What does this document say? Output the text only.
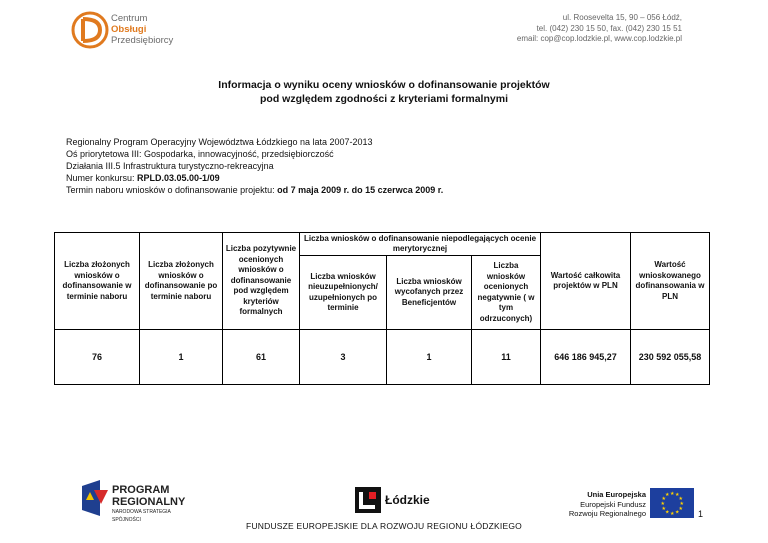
Centrum
Obsługi
Przedsiębiorcy
ul. Roosevelta 15, 90 – 056 Łódź,
tel. (042) 230 15 50, fax. (042) 230 15 51
email: cop@cop.lodzkie.pl, www.cop.lodzkie.pl
Informacja o wyniku oceny wniosków o dofinansowanie projektów
pod względem zgodności z kryteriami formalnymi
Regionalny Program Operacyjny Województwa Łódzkiego na lata 2007-2013
Oś priorytetowa III: Gospodarka, innowacyjność, przedsiębiorczość
Działania III.5 Infrastruktura turystyczno-rekreacyjna
Numer konkursu: RPLD.03.05.00-1/09
Termin naboru wniosków o dofinansowanie projektu: od 7 maja 2009 r. do 15 czerwca 2009 r.
Liczba złożonych wniosków o dofinansowanie w terminie naboru	Liczba złożonych wniosków o dofinansowanie po terminie naboru	Liczba pozytywnie ocenionych wniosków o dofinansowanie pod względem kryteriów formalnych	Liczba wniosków o dofinansowanie niepodlegających ocenie merytorycznej			Wartość całkowita projektów w PLN	Wartość wnioskowanego dofinansowania w PLN
			Liczba wniosków nieuzupełnionych/ uzupełnionych po terminie	Liczba wniosków wycofanych przez Beneficjentów	Liczba wniosków ocenionych negatywnie ( w tym odrzuconych)		
76	1	61	3	1	11	646 186 945,27	230 592 055,58
PROGRAM
REGIONALNY
NARODOWA STRATEGIA SPÓJNOŚCI
Łódzkie
FUNDUSZE EUROPEJSKIE DLA ROZWOJU REGIONU ŁÓDZKIEGO
Unia Europejska
Europejski Fundusz
Rozwoju Regionalnego
★ ★
★
★
★
★
★
★
★
★
★
★
1
